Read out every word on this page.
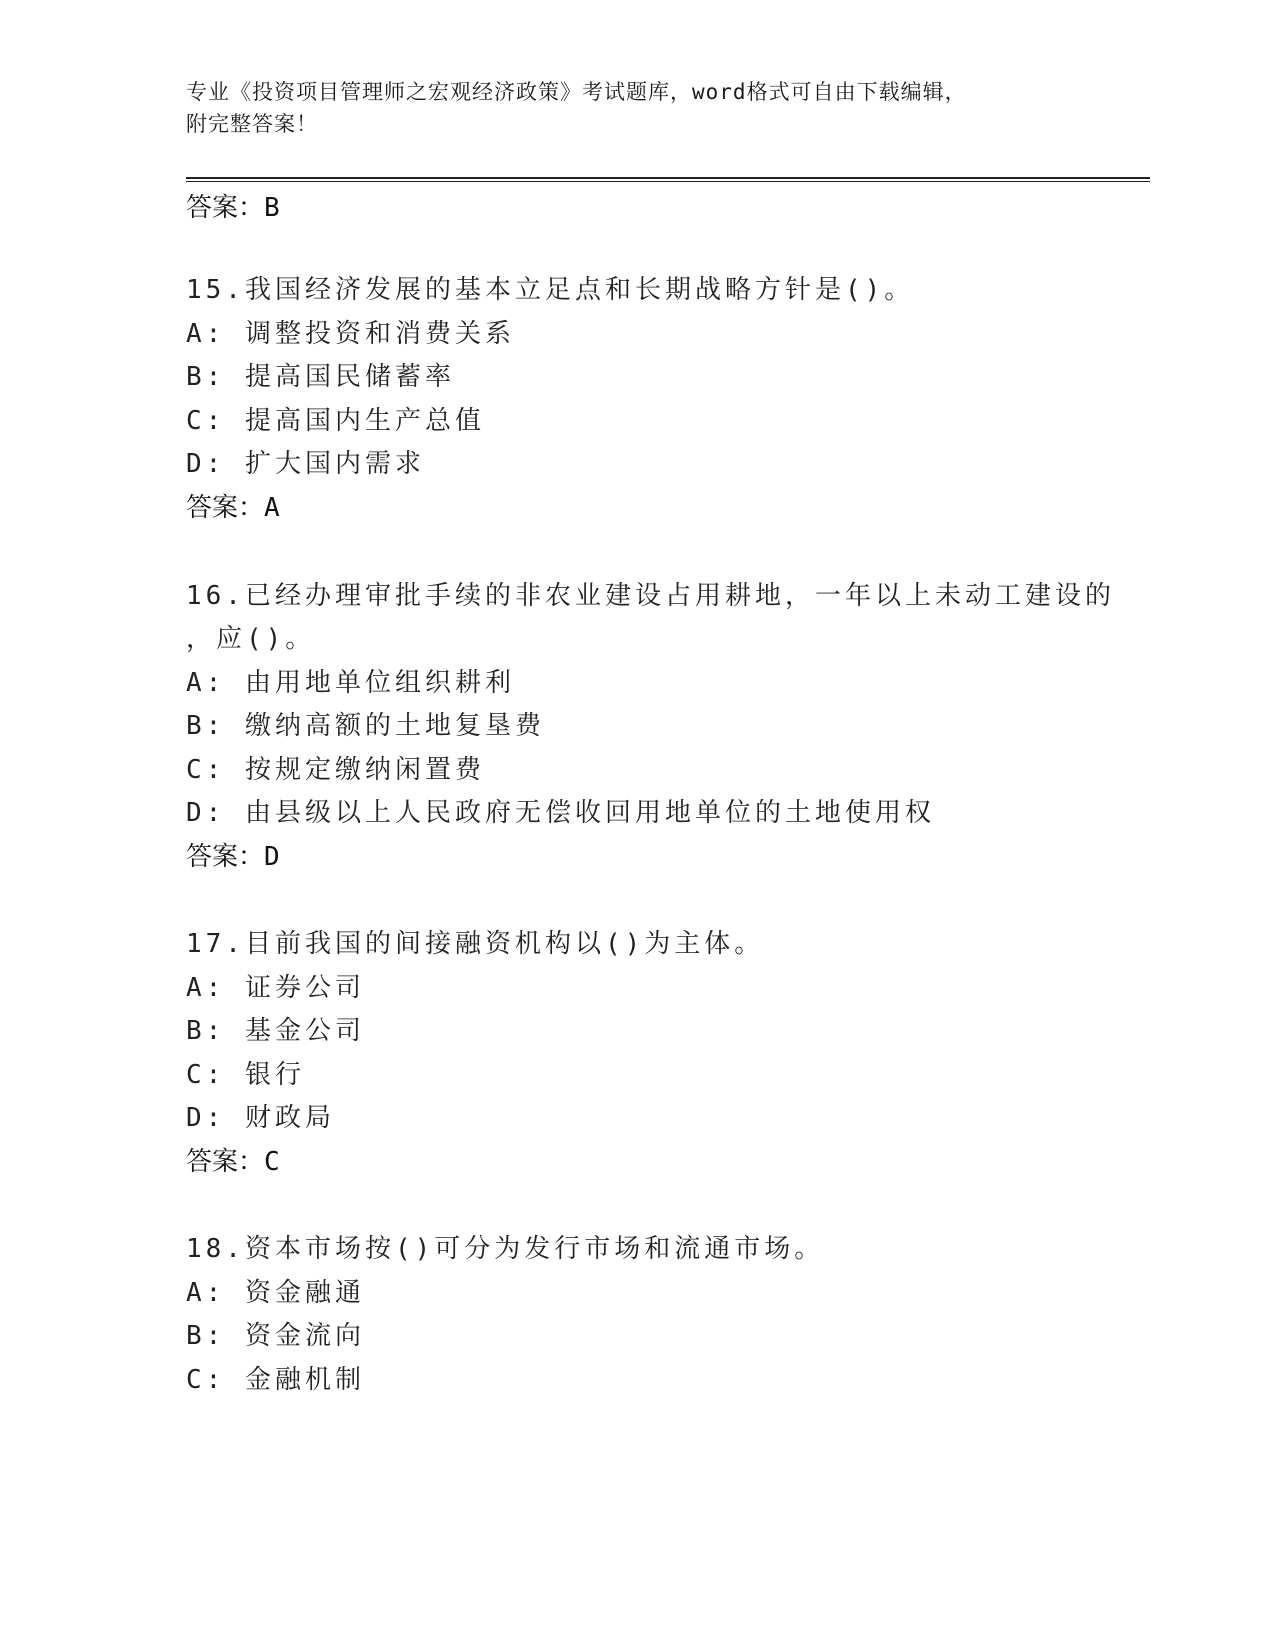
专业《投资项目管理师之宏观经济政策》考试题库，word格式可自由下载编辑，
附完整答案！
答案：B
15.我国经济发展的基本立足点和长期战略方针是()。
A: 调整投资和消费关系
B: 提高国民储蓄率
C: 提高国内生产总值
D: 扩大国内需求
答案：A
16.已经办理审批手续的非农业建设占用耕地，一年以上未动工建设的
，应()。
A: 由用地单位组织耕利
B: 缴纳高额的土地复垦费
C: 按规定缴纳闲置费
D: 由县级以上人民政府无偿收回用地单位的土地使用权
答案：D
17.目前我国的间接融资机构以()为主体。
A: 证券公司
B: 基金公司
C: 银行
D: 财政局
答案：C
18.资本市场按()可分为发行市场和流通市场。
A: 资金融通
B: 资金流向
C: 金融机制
